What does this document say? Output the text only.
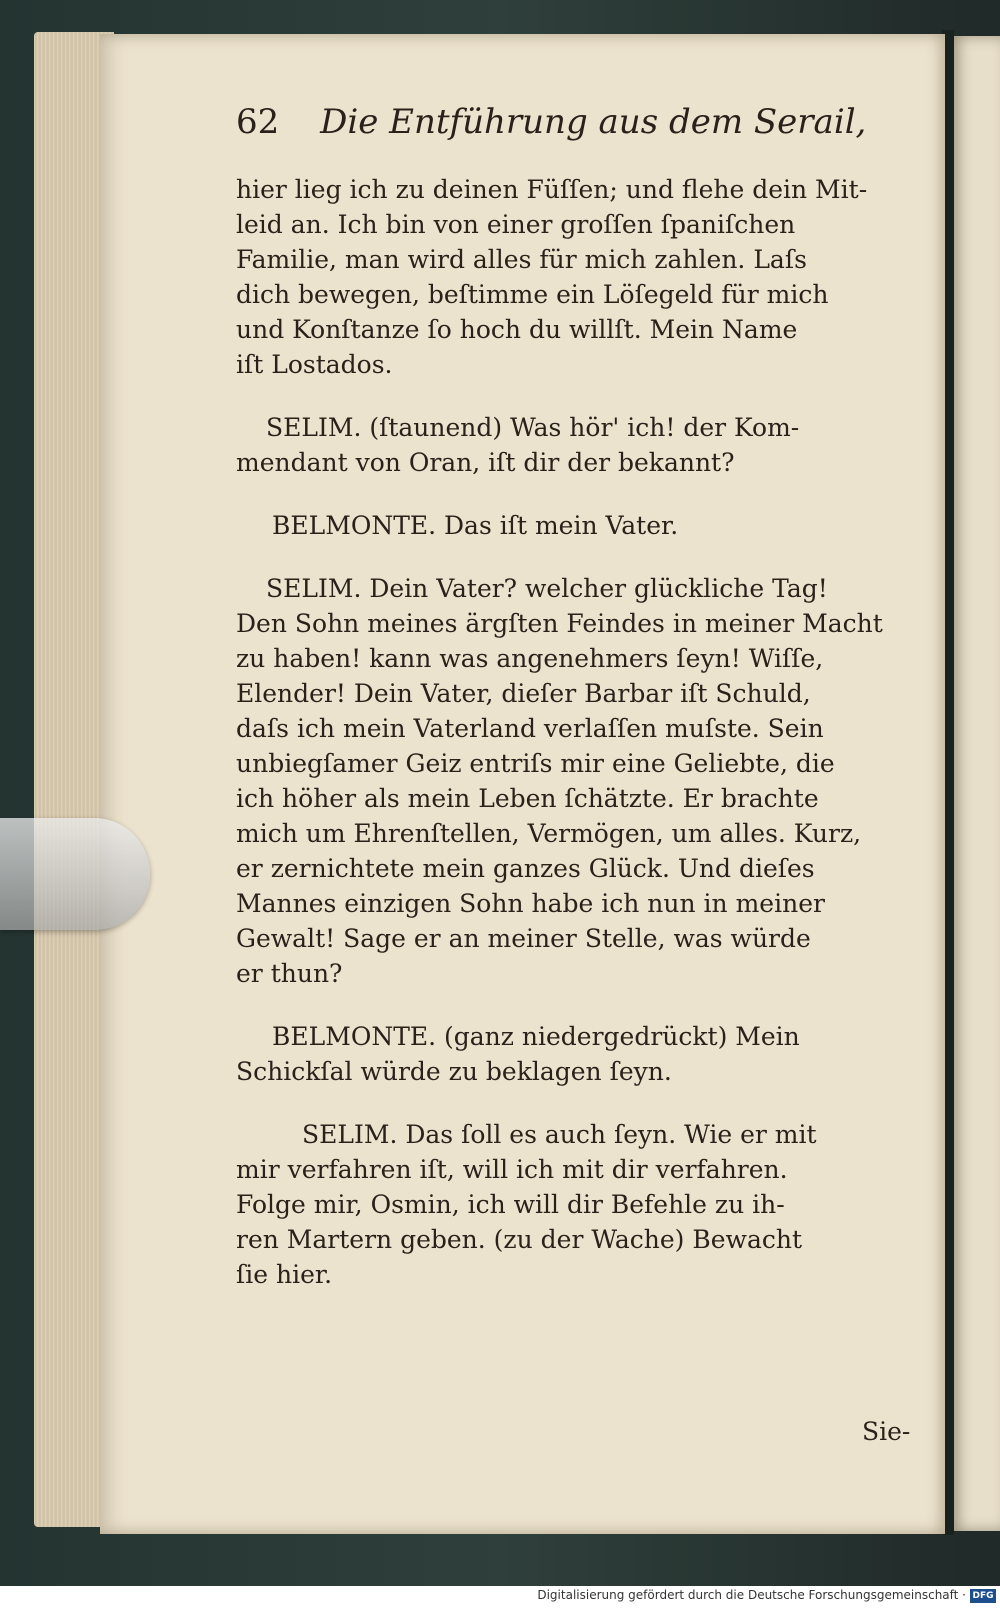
62 Die Entführung aus dem Serail,
hier lieg ich zu deinen Füſſen; und flehe dein Mit-
leid an. Ich bin von einer groſſen ſpaniſchen
Familie, man wird alles für mich zahlen. Laſs
dich bewegen, beſtimme ein Löſegeld für mich
und Konſtanze ſo hoch du willſt. Mein Name
iſt Lostados.
SELIM. (ſtaunend) Was hör' ich! der Kom-
mendant von Oran, iſt dir der bekannt?
BELMONTE. Das iſt mein Vater.
SELIM. Dein Vater? welcher glückliche Tag!
Den Sohn meines ärgſten Feindes in meiner Macht
zu haben! kann was angenehmers ſeyn! Wiſſe,
Elender! Dein Vater, dieſer Barbar iſt Schuld,
daſs ich mein Vaterland verlaſſen muſste. Sein
unbiegſamer Geiz entriſs mir eine Geliebte, die
ich höher als mein Leben ſchätzte. Er brachte
mich um Ehrenſtellen, Vermögen, um alles. Kurz,
er zernichtete mein ganzes Glück. Und dieſes
Mannes einzigen Sohn habe ich nun in meiner
Gewalt! Sage er an meiner Stelle, was würde
er thun?
BELMONTE. (ganz niedergedrückt) Mein
Schickſal würde zu beklagen ſeyn.
SELIM. Das ſoll es auch ſeyn. Wie er mit
mir verfahren iſt, will ich mit dir verfahren.
Folge mir, Osmin, ich will dir Befehle zu ih-
ren Martern geben. (zu der Wache) Bewacht
ſie hier.
Sie-
Digitalisierung gefördert durch die Deutsche Forschungsgemeinschaft · DFG
